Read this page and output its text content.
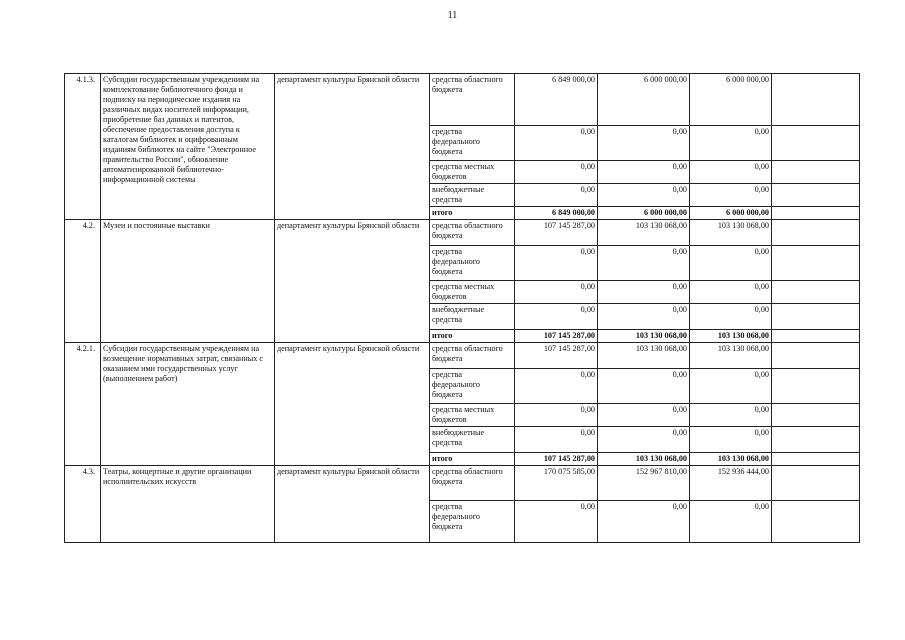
11
4.1.3.	Субсидии государственным учреждениям на комплектование библиотечного фонда и подписку на периодические издания на различных видах носителей информации, приобретение баз данных и патентов, обеспечение предоставления доступа к каталогам библиотек и оцифрованным изданиям библиотек на сайте "Электронное правительство России", обновление автоматизированной библиотечно-информационной системы	департамент культуры Брянской области	средства областного бюджета	6 849 000,00	6 000 000,00	6 000 000,00	
			средства федерального бюджета	0,00	0,00	0,00	
			средства местных бюджетов	0,00	0,00	0,00	
			внебюджетные средства	0,00	0,00	0,00	
			итого	6 849 000,00	6 000 000,00	6 000 000,00	
4.2.	Музеи и постоянные выставки	департамент культуры Брянской области	средства областного бюджета	107 145 287,00	103 130 068,00	103 130 068,00	
			средства федерального бюджета	0,00	0,00	0,00	
			средства местных бюджетов	0,00	0,00	0,00	
			внебюджетные средства	0,00	0,00	0,00	
			итого	107 145 287,00	103 130 068,00	103 130 068,00	
4.2.1.	Субсидии государственным учреждениям на возмещение нормативных затрат, связанных с оказанием ими государственных услуг (выполнением работ)	департамент культуры Брянской области	средства областного бюджета	107 145 287,00	103 130 068,00	103 130 068,00	
			средства федерального бюджета	0,00	0,00	0,00	
			средства местных бюджетов	0,00	0,00	0,00	
			внебюджетные средства	0,00	0,00	0,00	
			итого	107 145 287,00	103 130 068,00	103 130 068,00	
4.3.	Театры, концертные и другие организации исполнительских искусств	департамент культуры Брянской области	средства областного бюджета	170 075 585,00	152 967 810,00	152 936 444,00	
			средства федерального бюджета	0,00	0,00	0,00	
